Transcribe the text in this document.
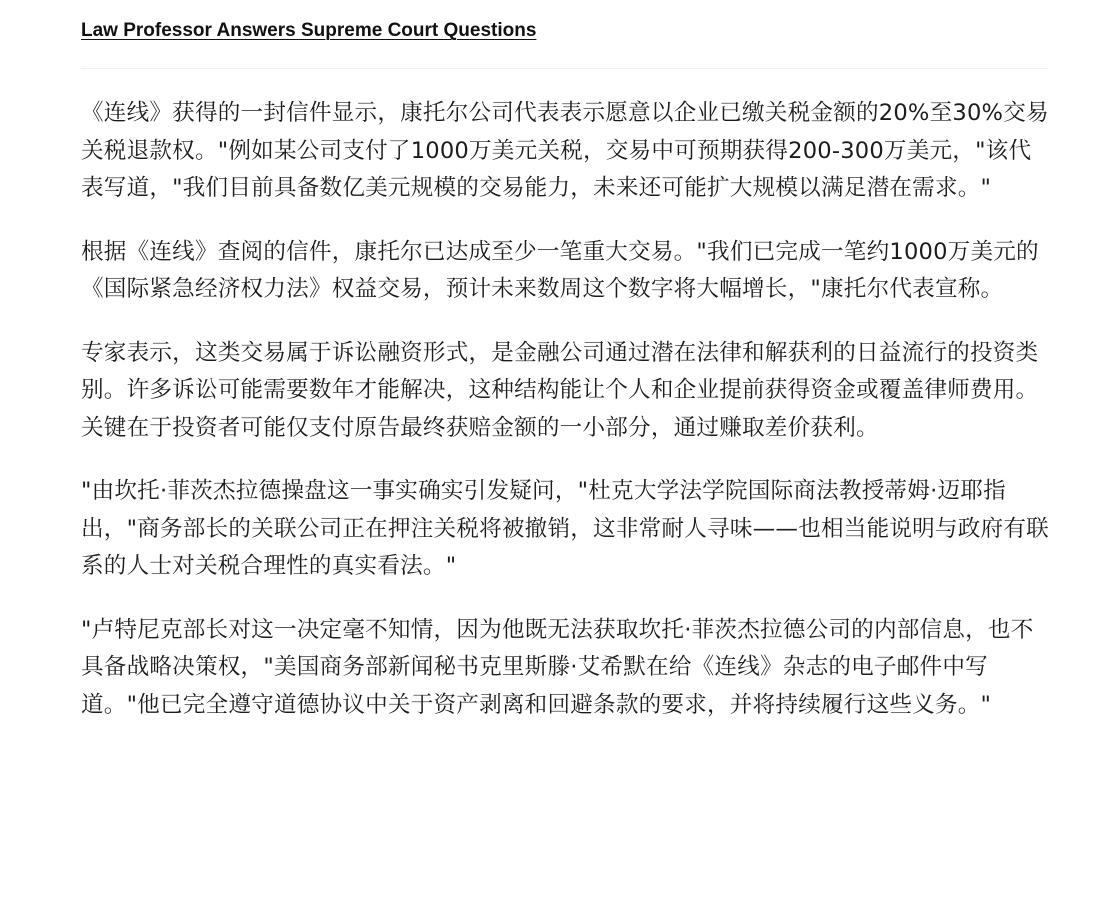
Law Professor Answers Supreme Court Questions

《连线》获得的一封信件显示，康托尔公司代表表示愿意以企业已缴关税金额的20%至30%交易关税退款权。"例如某公司支付了1000万美元关税，交易中可预期获得200-300万美元，"该代表写道，"我们目前具备数亿美元规模的交易能力，未来还可能扩大规模以满足潜在需求。"

根据《连线》查阅的信件，康托尔已达成至少一笔重大交易。"我们已完成一笔约1000万美元的《国际紧急经济权力法》权益交易，预计未来数周这个数字将大幅增长，"康托尔代表宣称。

专家表示，这类交易属于诉讼融资形式，是金融公司通过潜在法律和解获利的日益流行的投资类别。许多诉讼可能需要数年才能解决，这种结构能让个人和企业提前获得资金或覆盖律师费用。关键在于投资者可能仅支付原告最终获赔金额的一小部分，通过赚取差价获利。

"由坎托·菲茨杰拉德操盘这一事实确实引发疑问，"杜克大学法学院国际商法教授蒂姆·迈耶指出，"商务部长的关联公司正在押注关税将被撤销，这非常耐人寻味——也相当能说明与政府有联系的人士对关税合理性的真实看法。"

"卢特尼克部长对这一决定毫不知情，因为他既无法获取坎托·菲茨杰拉德公司的内部信息，也不具备战略决策权，"美国商务部新闻秘书克里斯滕·艾希默在给《连线》杂志的电子邮件中写道。"他已完全遵守道德协议中关于资产剥离和回避条款的要求，并将持续履行这些义务。"
